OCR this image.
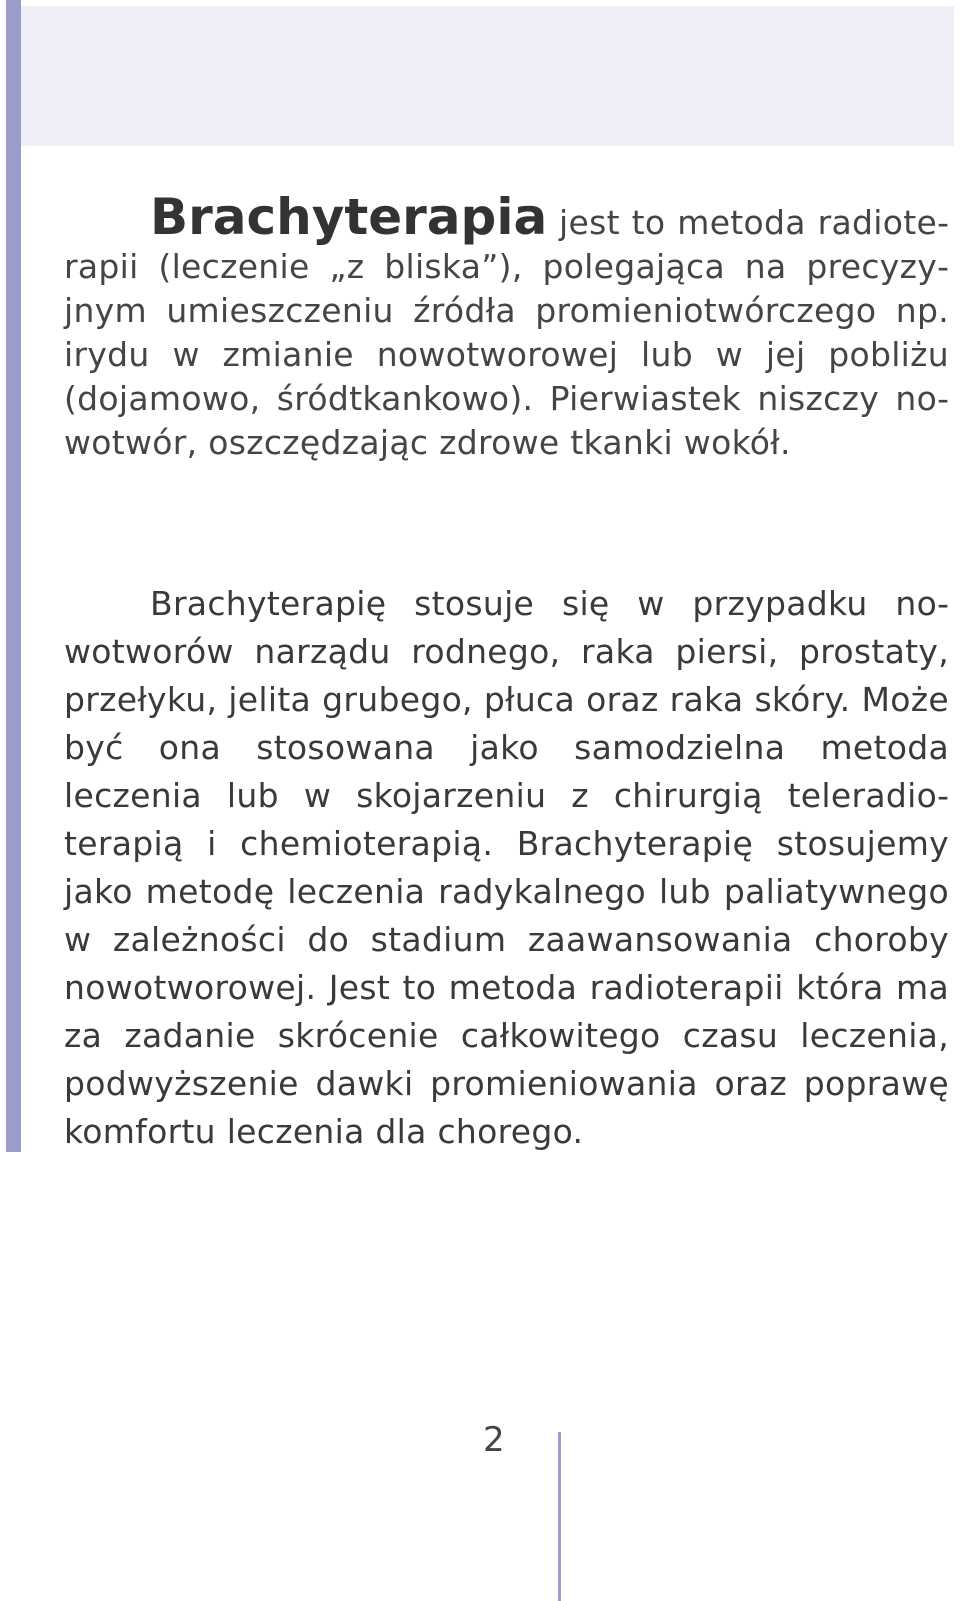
Brachyterapia jest to metoda radioterapii (leczenie „z bliska”), polegająca na precyzyjnym umieszczeniu źródła promieniotwórczego np. irydu w zmianie nowotworowej lub w jej pobliżu (dojamowo, śródtkankowo). Pierwiastek niszczy nowotwór, oszczędzając zdrowe tkanki wokół.

Brachyterapię stosuje się w przypadku nowotworów narządu rodnego, raka piersi, prostaty, przełyku, jelita grubego, płuca oraz raka skóry. Może być ona stosowana jako samodzielna metoda leczenia lub w skojarzeniu z chirurgią teleradioterapią i chemioterapią. Brachyterapię stosujemy jako metodę leczenia radykalnego lub paliatywnego w zależności do stadium zaawansowania choroby nowotworowej. Jest to metoda radioterapii która ma za zadanie skrócenie całkowitego czasu leczenia, podwyższenie dawki promieniowania oraz poprawę komfortu leczenia dla chorego.

2
